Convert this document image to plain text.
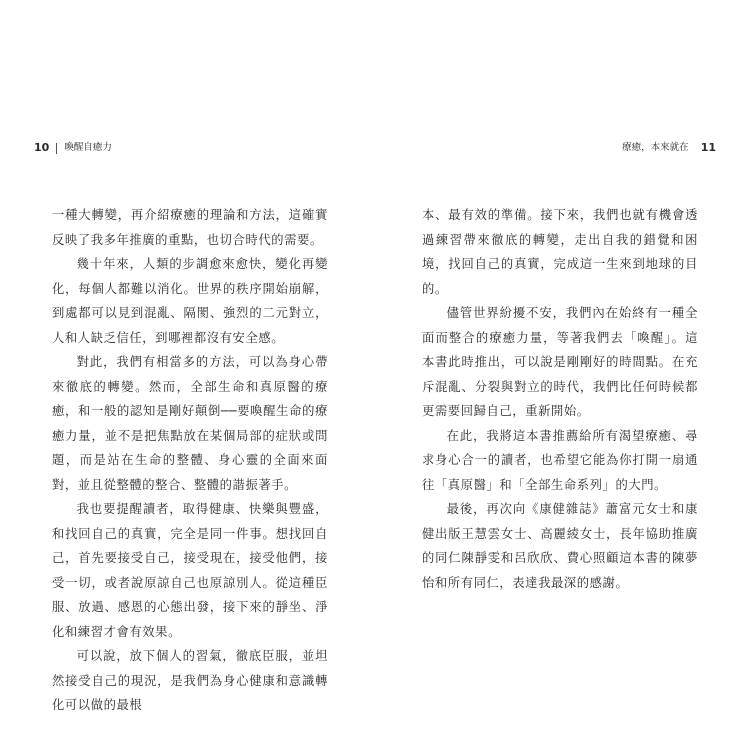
10 喚醒自癒力	療癒，本來就在 11

一種大轉變，再介紹療癒的理論和方法，這確實反映了我多年推廣的重點，也切合時代的需要。

幾十年來，人類的步調愈來愈快，變化再變化，每個人都難以消化。世界的秩序開始崩解，到處都可以見到混亂、隔閡、強烈的二元對立，人和人缺乏信任，到哪裡都沒有安全感。

對此，我們有相當多的方法，可以為身心帶來徹底的轉變。然而，全部生命和真原醫的療癒，和一般的認知是剛好顛倒──要喚醒生命的療癒力量，並不是把焦點放在某個局部的症狀或問題，而是站在生命的整體、身心靈的全面來面對，並且從整體的整合、整體的諧振著手。

我也要提醒讀者，取得健康、快樂與豐盛，和找回自己的真實，完全是同一件事。想找回自己，首先要接受自己，接受現在，接受他們，接受一切，或者說原諒自己也原諒別人。從這種臣服、放過、感恩的心態出發，接下來的靜坐、淨化和練習才會有效果。

可以說，放下個人的習氣，徹底臣服，並坦然接受自己的現況，是我們為身心健康和意識轉化可以做的最根

本、最有效的準備。接下來，我們也就有機會透過練習帶來徹底的轉變，走出自我的錯覺和困境，找回自己的真實，完成這一生來到地球的目的。

儘管世界紛擾不安，我們內在始終有一種全面而整合的療癒力量，等著我們去「喚醒」。這本書此時推出，可以說是剛剛好的時間點。在充斥混亂、分裂與對立的時代，我們比任何時候都更需要回歸自己，重新開始。

在此，我將這本書推薦給所有渴望療癒、尋求身心合一的讀者，也希望它能為你打開一扇通往「真原醫」和「全部生命系列」的大門。

最後，再次向《康健雜誌》蕭富元女士和康健出版王慧雲女士、高麗綾女士，長年協助推廣的同仁陳靜雯和呂欣欣、費心照顧這本書的陳夢怡和所有同仁，表達我最深的感謝。
